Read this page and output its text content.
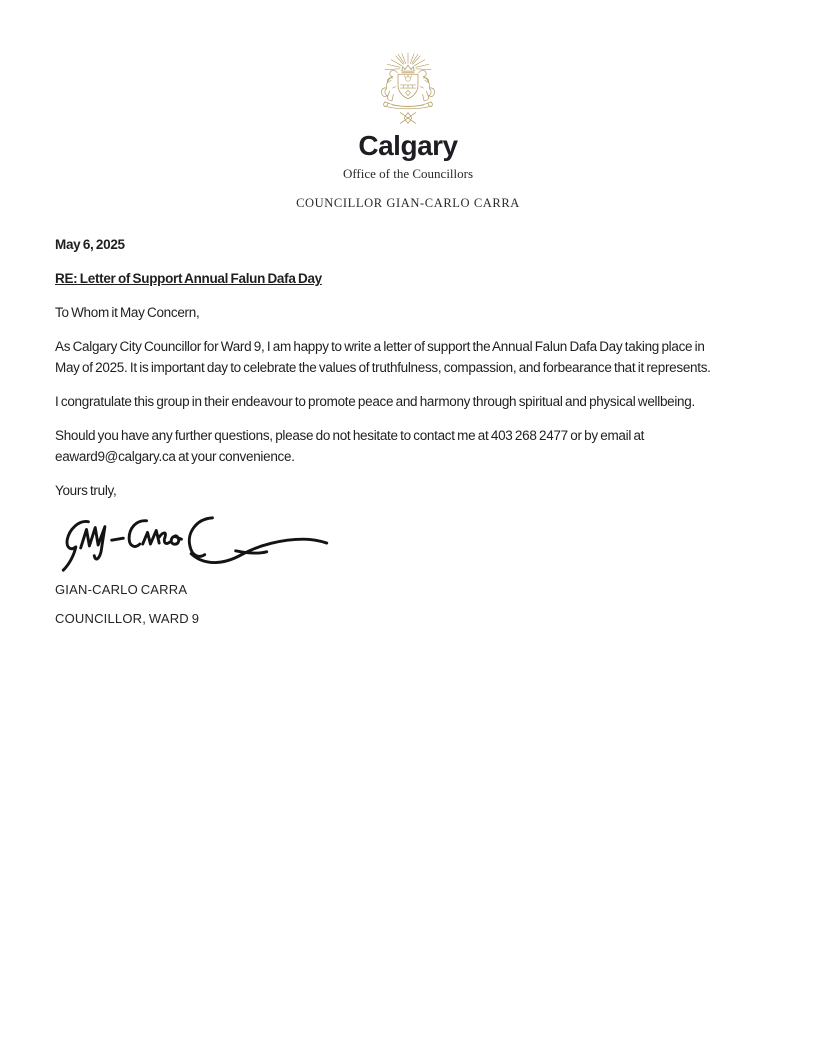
Calgary
Office of the Councillors
COUNCILLOR GIAN-CARLO CARRA

May 6, 2025

RE: Letter of Support Annual Falun Dafa Day

To Whom it May Concern,

As Calgary City Councillor for Ward 9, I am happy to write a letter of support the Annual Falun Dafa Day taking place in May of 2025. It is important day to celebrate the values of truthfulness, compassion, and forbearance that it represents.

I congratulate this group in their endeavour to promote peace and harmony through spiritual and physical wellbeing.

Should you have any further questions, please do not hesitate to contact me at 403 268 2477 or by email at eaward9@calgary.ca at your convenience.

Yours truly,

GIAN-CARLO CARRA

COUNCILLOR, WARD 9
